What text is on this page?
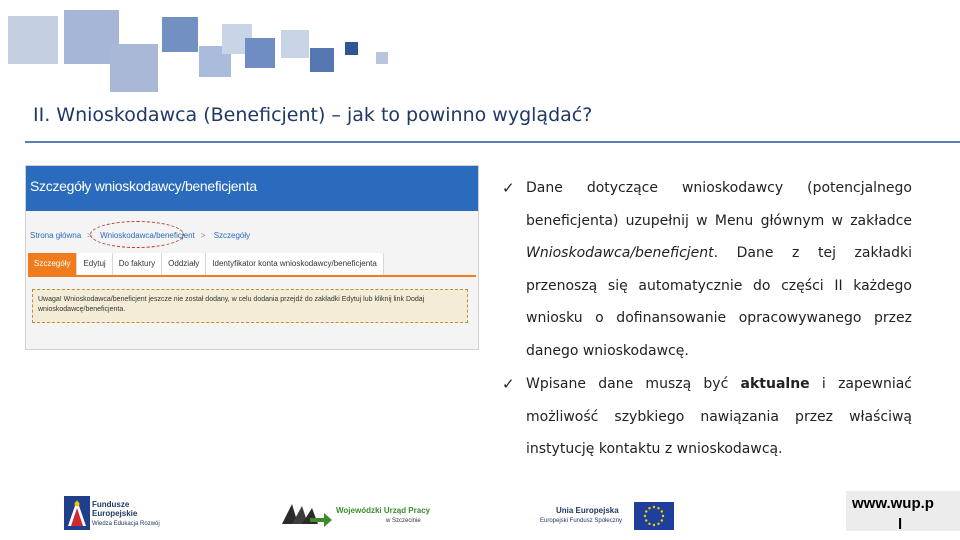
II. Wnioskodawca (Beneficjent) – jak to powinno wyglądać?
Szczegóły wnioskodawcy/beneficjenta
Strona główna > Wnioskodawca/beneficjent > Szczegóły
Szczegóły	Edytuj	Do faktury	Oddziały	Identyfikator konta wnioskodawcy/beneficjenta

Uwaga! Wnioskodawca/beneficjent jeszcze nie został dodany, w celu dodania przejdź do zakładki Edytuj lub kliknij link Dodaj wnioskodawcę/beneficjenta.

✓ Dane dotyczące wnioskodawcy (potencjalnego beneficjenta) uzupełnij w Menu głównym w zakładce Wnioskodawca/beneficjent. Dane z tej zakładki przenoszą się automatycznie do części II każdego wniosku o dofinansowanie opracowywanego przez danego wnioskodawcę.
✓ Wpisane dane muszą być aktualne i zapewniać możliwość szybkiego nawiązania przez właściwą instytucję kontaktu z wnioskodawcą.
Fundusze
Europejskie
Wiedza Edukacja Rozwój
Wojewódzki Urząd Pracy
w Szczecinie
Unia Europejska
Europejski Fundusz Społeczny
www.wup.p
l
